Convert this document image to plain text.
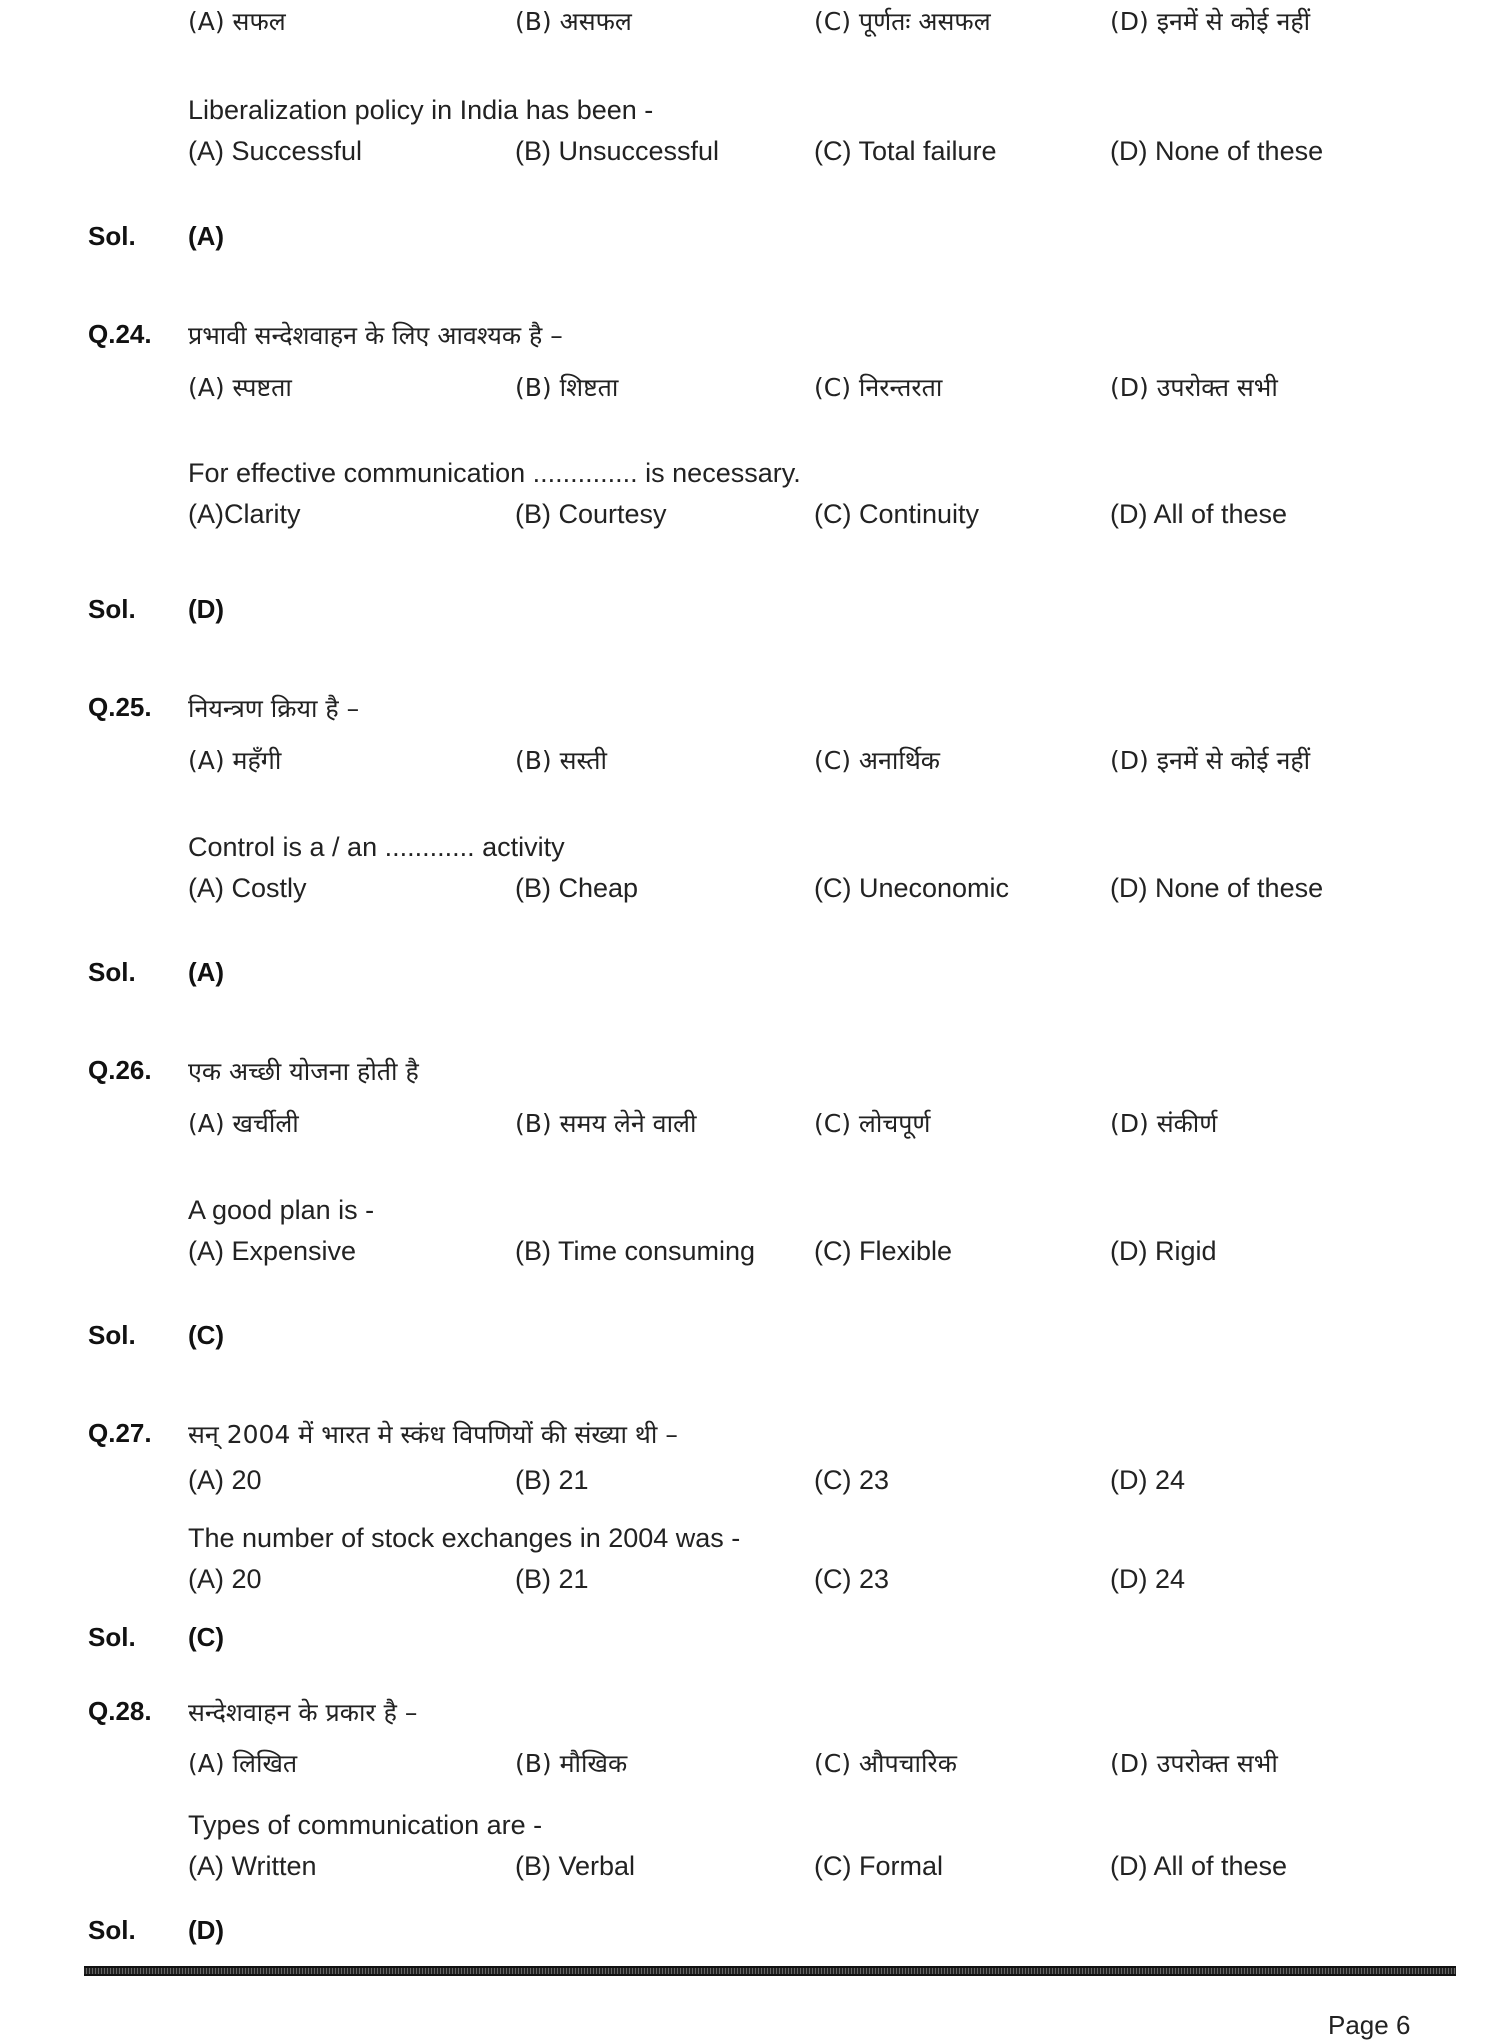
(A) सफल	(B) असफल	(C) पूर्णतः असफल	(D) इनमें से कोई नहीं
Liberalization policy in India has been -
(A) Successful	(B) Unsuccessful	(C) Total failure	(D) None of these
Sol. (A)
Q.24. प्रभावी सन्देशवाहन के लिए आवश्यक है –
(A) स्पष्टता	(B) शिष्टता	(C) निरन्तरता	(D) उपरोक्त सभी
For effective communication .............. is necessary.
(A)Clarity	(B) Courtesy	(C) Continuity	(D) All of these
Sol. (D)
Q.25. नियन्त्रण क्रिया है –
(A) महँगी	(B) सस्ती	(C) अनार्थिक	(D) इनमें से कोई नहीं
Control is a / an ............ activity
(A) Costly	(B) Cheap	(C) Uneconomic	(D) None of these
Sol. (A)
Q.26. एक अच्छी योजना होती है
(A) खर्चीली	(B) समय लेने वाली	(C) लोचपूर्ण	(D) संकीर्ण
A good plan is -
(A) Expensive	(B) Time consuming (C) Flexible	(D) Rigid
Sol. (C)
Q.27. सन् 2004 में भारत मे स्कंध विपणियों की संख्या थी –
(A) 20	(B) 21	(C) 23	(D) 24
The number of stock exchanges in 2004 was -
(A) 20	(B) 21	(C) 23	(D) 24
Sol. (C)
Q.28. सन्देशवाहन के प्रकार है –
(A) लिखित	(B) मौखिक	(C) औपचारिक	(D) उपरोक्त सभी
Types of communication are -
(A) Written	(B) Verbal	(C) Formal	(D) All of these
Sol. (D)
Page 6
